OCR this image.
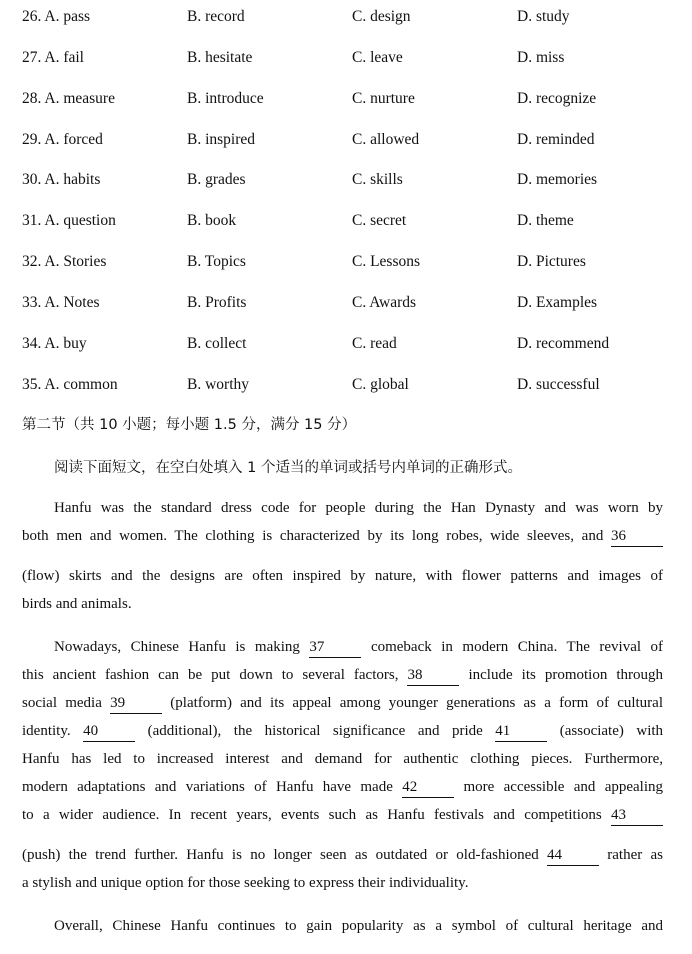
26. A. pass	B. record	C. design	D. study
27. A. fail	B. hesitate	C. leave	D. miss
28. A. measure	B. introduce	C. nurture	D. recognize
29. A. forced	B. inspired	C. allowed	D. reminded
30. A. habits	B. grades	C. skills	D. memories
31. A. question	B. book	C. secret	D. theme
32. A. Stories	B. Topics	C. Lessons	D. Pictures
33. A. Notes	B. Profits	C. Awards	D. Examples
34. A. buy	B. collect	C. read	D. recommend
35. A. common	B. worthy	C. global	D. successful
第二节（共 10 小题；每小题 1.5 分，满分 15 分）
阅读下面短文，在空白处填入 1 个适当的单词或括号内单词的正确形式。
Hanfu was the standard dress code for people during the Han Dynasty and was worn by
both men and women. The clothing is characterized by its long robes, wide sleeves, and 36
(flow) skirts and the designs are often inspired by nature, with flower patterns and images of
birds and animals.
Nowadays, Chinese Hanfu is making 37	comeback in modern China. The revival of
this ancient fashion can be put down to several factors, 38	include its promotion through
social media 39	(platform) and its appeal among younger generations as a form of cultural
identity. 40	(additional), the historical significance and pride 41	(associate) with
Hanfu has led to increased interest and demand for authentic clothing pieces. Furthermore,
modern adaptations and variations of Hanfu have made 42	more accessible and appealing
to a wider audience. In recent years, events such as Hanfu festivals and competitions 43
(push) the trend further. Hanfu is no longer seen as outdated or old-fashioned 44	rather as
a stylish and unique option for those seeking to express their individuality.
Overall, Chinese Hanfu continues to gain popularity as a symbol of cultural heritage and
